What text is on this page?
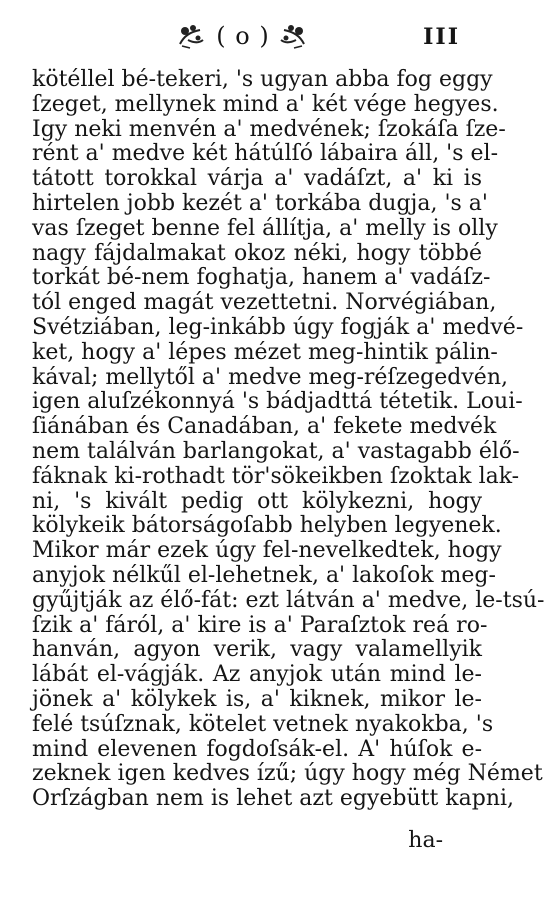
( o )	III
kötéllel bé-tekeri, 's ugyan abba fog eggy
ſzeget, mellynek mind a' két vége hegyes.
Igy neki menvén a' medvének; ſzokáſa ſze-
rént a' medve két hátúlſó lábaira áll, 's el-
tátott torokkal várja a' vadáſzt, a' ki is
hirtelen jobb kezét a' torkába dugja, 's a'
vas ſzeget benne fel állítja, a' melly is olly
nagy fájdalmakat okoz néki, hogy többé
torkát bé-nem foghatja, hanem a' vadáſz-
tól enged magát vezettetni. Norvégiában,
Svétziában, leg-inkább úgy fogják a' medvé-
ket, hogy a' lépes mézet meg-hintik pálin-
kával; mellytől a' medve meg-réſzegedvén,
igen aluſzékonnyá 's bádjadttá tétetik. Loui-
ſiánában és Canadában, a' fekete medvék
nem találván barlangokat, a' vastagabb élő-
fáknak ki-rothadt tör'sökeikben ſzoktak lak-
ni, 's kivált pedig ott kölykezni, hogy
kölykeik bátorságoſabb helyben legyenek.
Mikor már ezek úgy fel-nevelkedtek, hogy
anyjok nélkűl el-lehetnek, a' lakoſok meg-
gyűjtják az élő-fát: ezt látván a' medve, le-tsú-
ſzik a' fáról, a' kire is a' Paraſztok reá ro-
hanván, agyon verik, vagy valamellyik
lábát el-vágják. Az anyjok után mind le-
jönek a' kölykek is, a' kiknek, mikor le-
felé tsúſznak, kötelet vetnek nyakokba, 's
mind elevenen fogdoſsák-el. A' húſok e-
zeknek igen kedves ízű; úgy hogy még Német
Orſzágban nem is lehet azt egyebütt kapni,
ha-
